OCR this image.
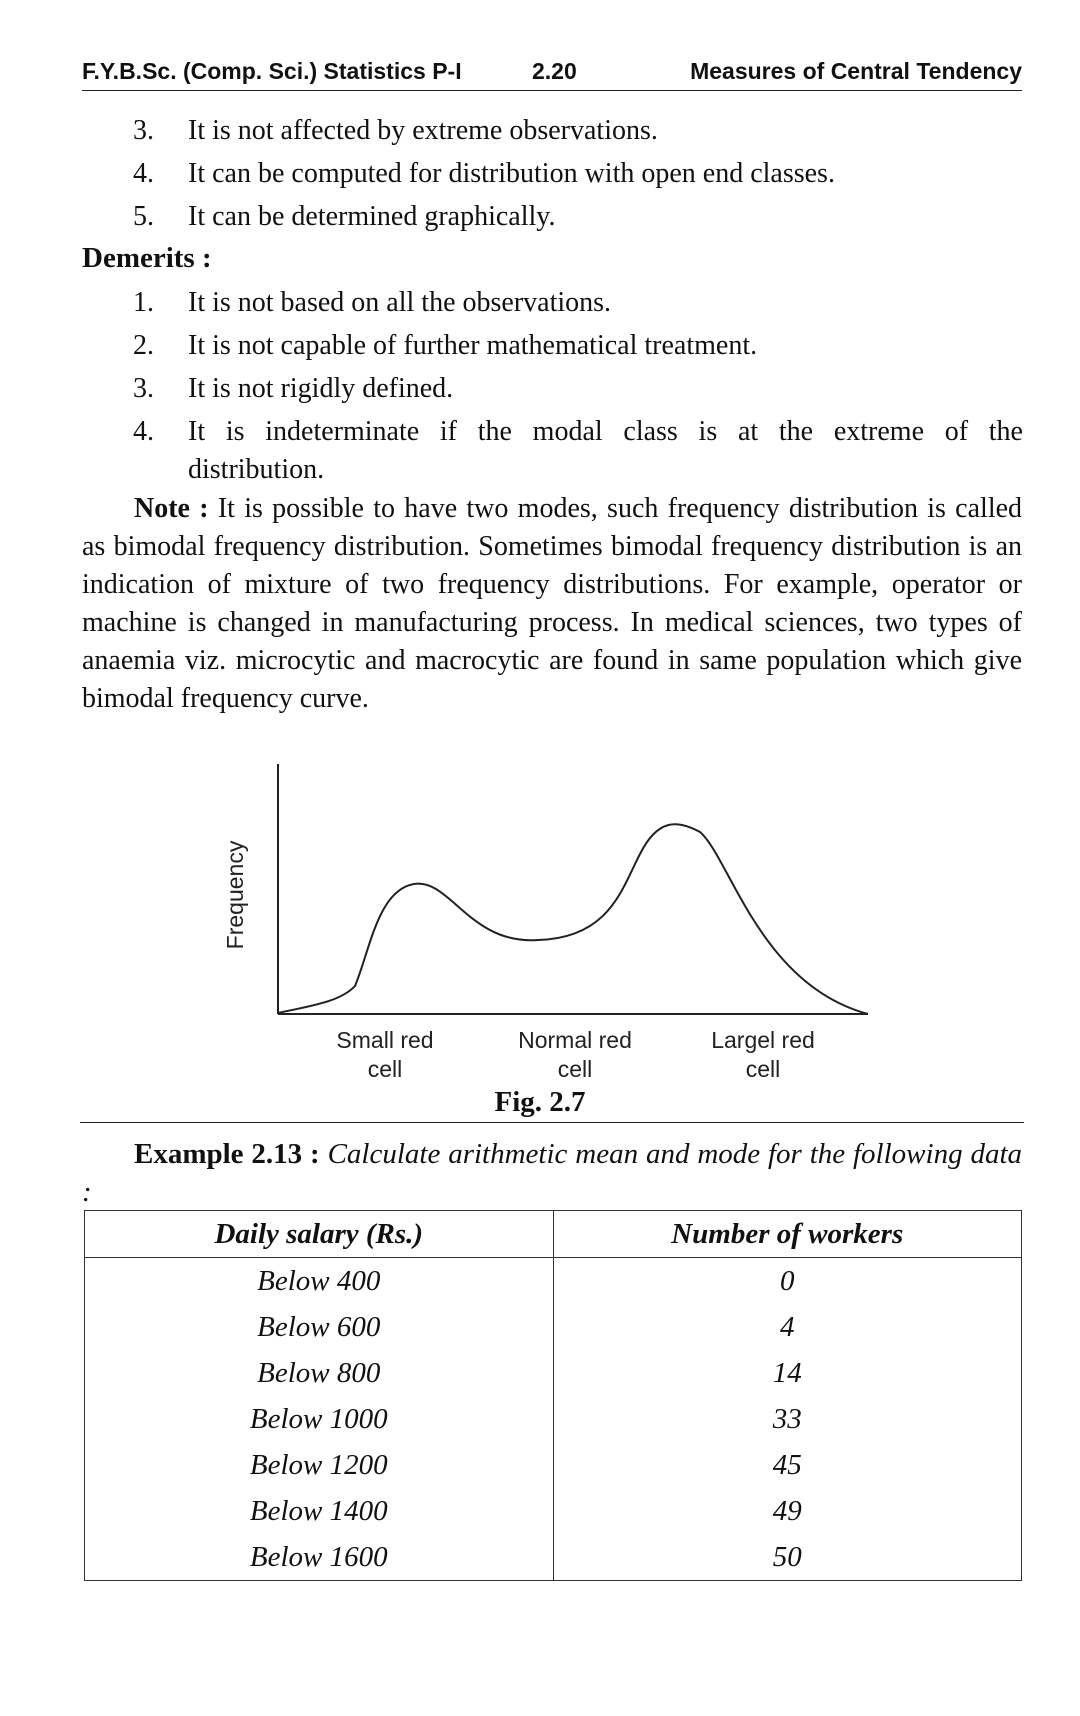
F.Y.B.Sc. (Comp. Sci.) Statistics P-I	2.20	Measures of Central Tendency
3. It is not affected by extreme observations.
4. It can be computed for distribution with open end classes.
5. It can be determined graphically.
Demerits :
1. It is not based on all the observations.
2. It is not capable of further mathematical treatment.
3. It is not rigidly defined.
4. It is indeterminate if the modal class is at the extreme of the
distribution.

Note : It is possible to have two modes, such frequency distribution is called as bimodal frequency distribution. Sometimes bimodal frequency distribution is an indication of mixture of two frequency distributions. For example, operator or machine is changed in manufacturing process. In medical sciences, two types of anaemia viz. microcytic and macrocytic are found in same population which give bimodal frequency curve.

Frequency
Small red
cell
Normal red
cell
Largel red
cell
Fig. 2.7

Example 2.13 : Calculate arithmetic mean and mode for the following data :

Daily salary (Rs.)	Number of workers
Below 400	0
Below 600	4
Below 800	14
Below 1000	33
Below 1200	45
Below 1400	49
Below 1600	50
